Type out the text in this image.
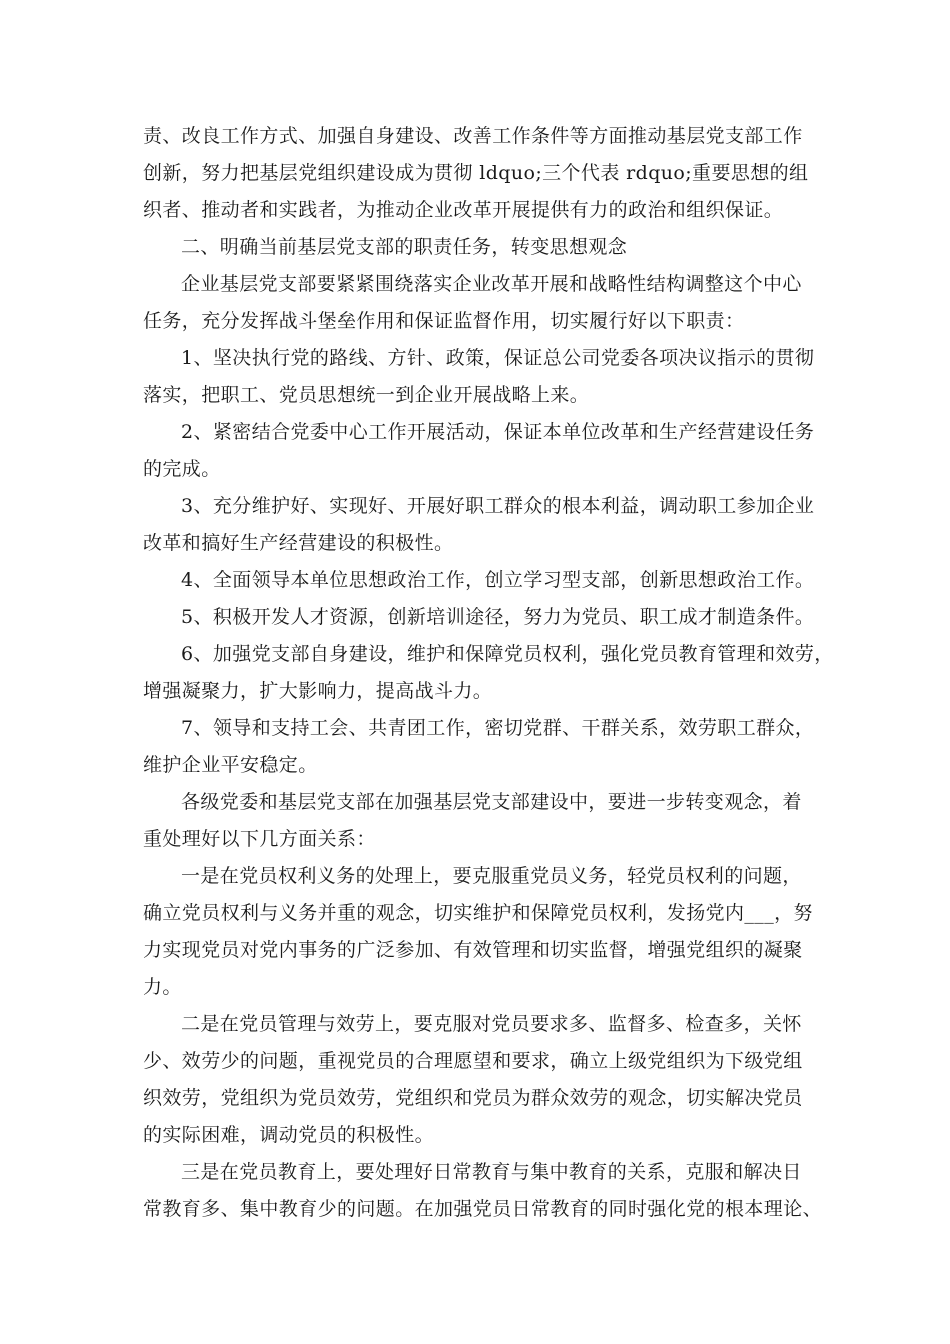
责、改良工作方式、加强自身建设、改善工作条件等方面推动基层党支部工作
创新，努力把基层党组织建设成为贯彻 ldquo;三个代表 rdquo;重要思想的组
织者、推动者和实践者，为推动企业改革开展提供有力的政治和组织保证。
二、明确当前基层党支部的职责任务，转变思想观念
企业基层党支部要紧紧围绕落实企业改革开展和战略性结构调整这个中心
任务，充分发挥战斗堡垒作用和保证监督作用，切实履行好以下职责：
1、坚决执行党的路线、方针、政策，保证总公司党委各项决议指示的贯彻
落实，把职工、党员思想统一到企业开展战略上来。
2、紧密结合党委中心工作开展活动，保证本单位改革和生产经营建设任务
的完成。
3、充分维护好、实现好、开展好职工群众的根本利益，调动职工参加企业
改革和搞好生产经营建设的积极性。
4、全面领导本单位思想政治工作，创立学习型支部，创新思想政治工作。
5、积极开发人才资源，创新培训途径，努力为党员、职工成才制造条件。
6、加强党支部自身建设，维护和保障党员权利，强化党员教育管理和效劳，
增强凝聚力，扩大影响力，提高战斗力。
7、领导和支持工会、共青团工作，密切党群、干群关系，效劳职工群众，
维护企业平安稳定。
各级党委和基层党支部在加强基层党支部建设中，要进一步转变观念，着
重处理好以下几方面关系：
一是在党员权利义务的处理上，要克服重党员义务，轻党员权利的问题，
确立党员权利与义务并重的观念，切实维护和保障党员权利，发扬党内___，努
力实现党员对党内事务的广泛参加、有效管理和切实监督，增强党组织的凝聚
力。
二是在党员管理与效劳上，要克服对党员要求多、监督多、检查多，关怀
少、效劳少的问题，重视党员的合理愿望和要求，确立上级党组织为下级党组
织效劳，党组织为党员效劳，党组织和党员为群众效劳的观念，切实解决党员
的实际困难，调动党员的积极性。
三是在党员教育上，要处理好日常教育与集中教育的关系，克服和解决日
常教育多、集中教育少的问题。在加强党员日常教育的同时强化党的根本理论、
